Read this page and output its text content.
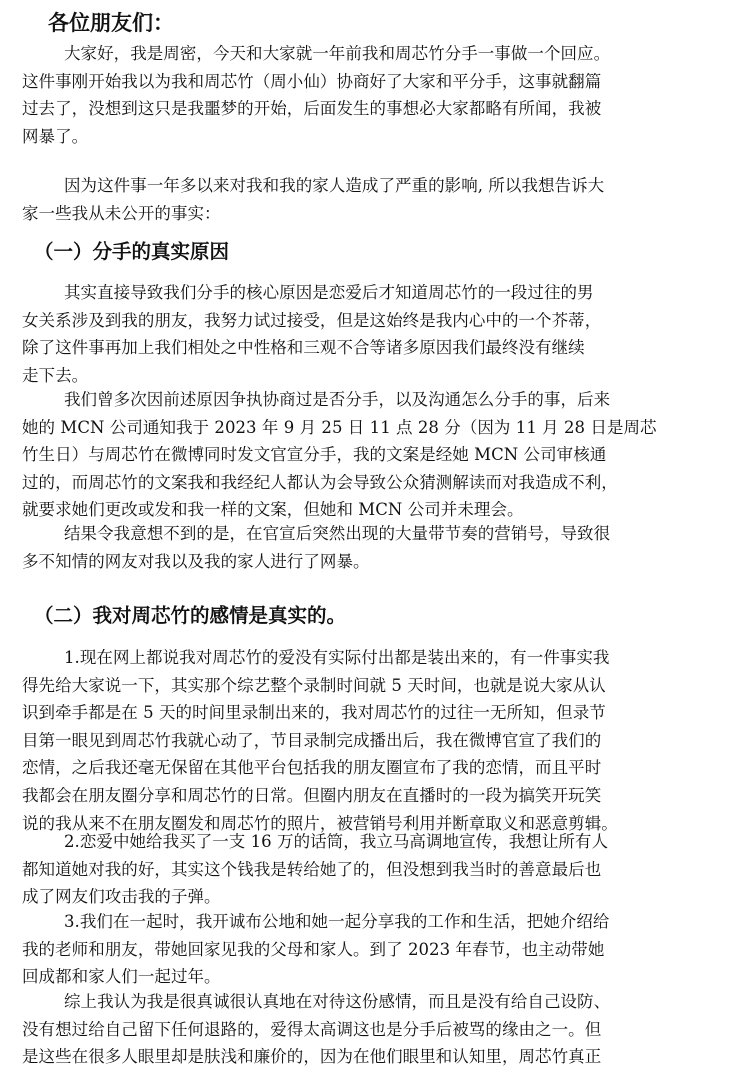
各位朋友们：
大家好，我是周密，今天和大家就一年前我和周芯竹分手一事做一个回应。
这件事刚开始我以为我和周芯竹（周小仙）协商好了大家和平分手，这事就翻篇
过去了，没想到这只是我噩梦的开始，后面发生的事想必大家都略有所闻，我被
网暴了。
因为这件事一年多以来对我和我的家人造成了严重的影响, 所以我想告诉大
家一些我从未公开的事实：
（一）分手的真实原因
其实直接导致我们分手的核心原因是恋爱后才知道周芯竹的一段过往的男
女关系涉及到我的朋友，我努力试过接受，但是这始终是我内心中的一个芥蒂，
除了这件事再加上我们相处之中性格和三观不合等诸多原因我们最终没有继续
走下去。
我们曾多次因前述原因争执协商过是否分手，以及沟通怎么分手的事，后来
她的 MCN 公司通知我于 2023 年 9 月 25 日 11 点 28 分（因为 11 月 28 日是周芯
竹生日）与周芯竹在微博同时发文官宣分手，我的文案是经她 MCN 公司审核通
过的，而周芯竹的文案我和我经纪人都认为会导致公众猜测解读而对我造成不利，
就要求她们更改或发和我一样的文案，但她和 MCN 公司并未理会。
结果令我意想不到的是，在官宣后突然出现的大量带节奏的营销号，导致很
多不知情的网友对我以及我的家人进行了网暴。
（二）我对周芯竹的感情是真实的。
1.现在网上都说我对周芯竹的爱没有实际付出都是装出来的，有一件事实我
得先给大家说一下，其实那个综艺整个录制时间就 5 天时间，也就是说大家从认
识到牵手都是在 5 天的时间里录制出来的，我对周芯竹的过往一无所知，但录节
目第一眼见到周芯竹我就心动了，节目录制完成播出后，我在微博官宣了我们的
恋情，之后我还毫无保留在其他平台包括我的朋友圈宣布了我的恋情，而且平时
我都会在朋友圈分享和周芯竹的日常。但圈内朋友在直播时的一段为搞笑开玩笑
说的我从来不在朋友圈发和周芯竹的照片，被营销号利用并断章取义和恶意剪辑。
2.恋爱中她给我买了一支 16 万的话筒，我立马高调地宣传，我想让所有人
都知道她对我的好，其实这个钱我是转给她了的，但没想到我当时的善意最后也
成了网友们攻击我的子弹。
3.我们在一起时，我开诚布公地和她一起分享我的工作和生活，把她介绍给
我的老师和朋友，带她回家见我的父母和家人。到了 2023 年春节，也主动带她
回成都和家人们一起过年。
综上我认为我是很真诚很认真地在对待这份感情，而且是没有给自己设防、
没有想过给自己留下任何退路的，爱得太高调这也是分手后被骂的缘由之一。但
是这些在很多人眼里却是肤浅和廉价的，因为在他们眼里和认知里，周芯竹真正
